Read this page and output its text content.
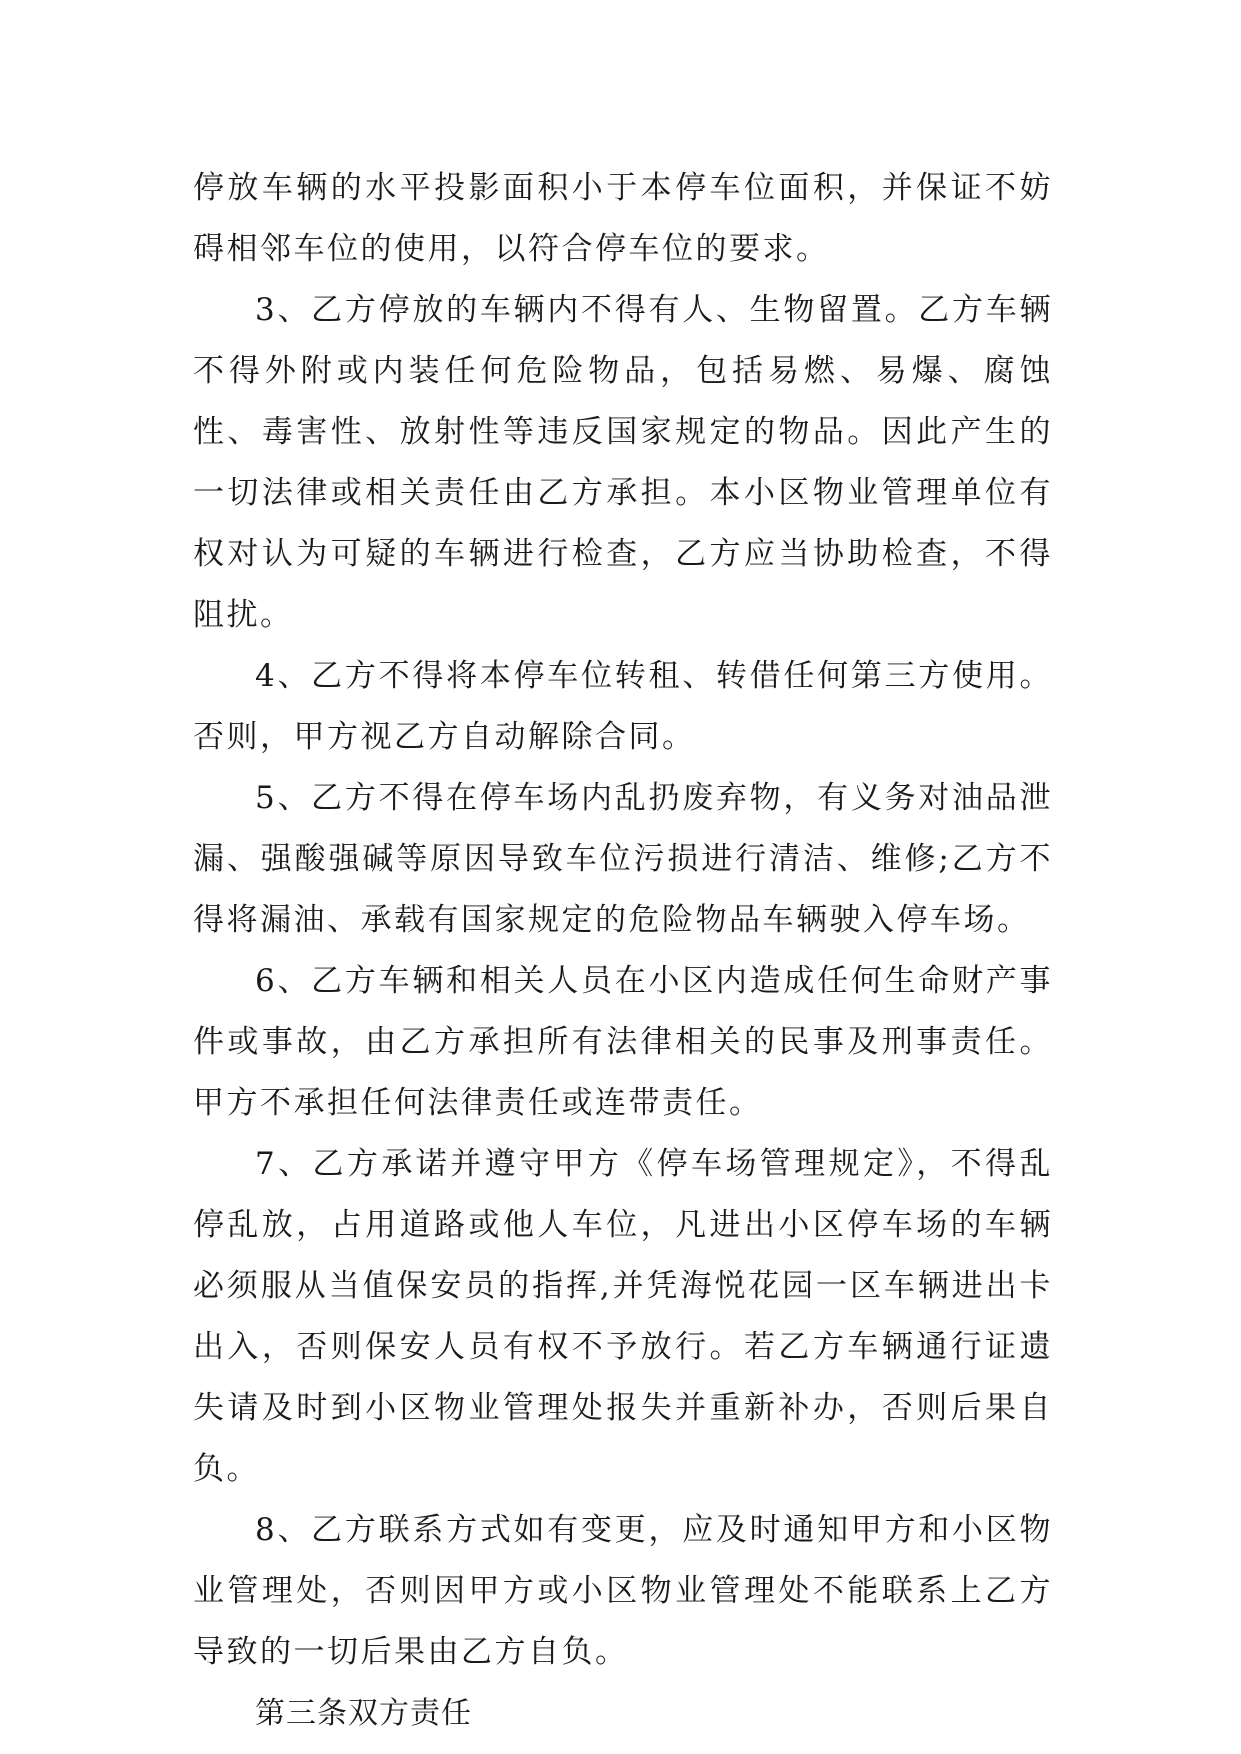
停放车辆的水平投影面积小于本停车位面积，并保证不妨碍相邻车位的使用，以符合停车位的要求。

3、乙方停放的车辆内不得有人、生物留置。乙方车辆不得外附或内装任何危险物品，包括易燃、易爆、腐蚀性、毒害性、放射性等违反国家规定的物品。因此产生的一切法律或相关责任由乙方承担。本小区物业管理单位有权对认为可疑的车辆进行检查，乙方应当协助检查，不得阻扰。

4、乙方不得将本停车位转租、转借任何第三方使用。否则，甲方视乙方自动解除合同。

5、乙方不得在停车场内乱扔废弃物，有义务对油品泄漏、强酸强碱等原因导致车位污损进行清洁、维修;乙方不得将漏油、承载有国家规定的危险物品车辆驶入停车场。

6、乙方车辆和相关人员在小区内造成任何生命财产事件或事故，由乙方承担所有法律相关的民事及刑事责任。甲方不承担任何法律责任或连带责任。

7、乙方承诺并遵守甲方《停车场管理规定》，不得乱停乱放，占用道路或他人车位，凡进出小区停车场的车辆必须服从当值保安员的指挥,并凭海悦花园一区车辆进出卡出入，否则保安人员有权不予放行。若乙方车辆通行证遗失请及时到小区物业管理处报失并重新补办，否则后果自负。

8、乙方联系方式如有变更，应及时通知甲方和小区物业管理处，否则因甲方或小区物业管理处不能联系上乙方导致的一切后果由乙方自负。

第三条双方责任
